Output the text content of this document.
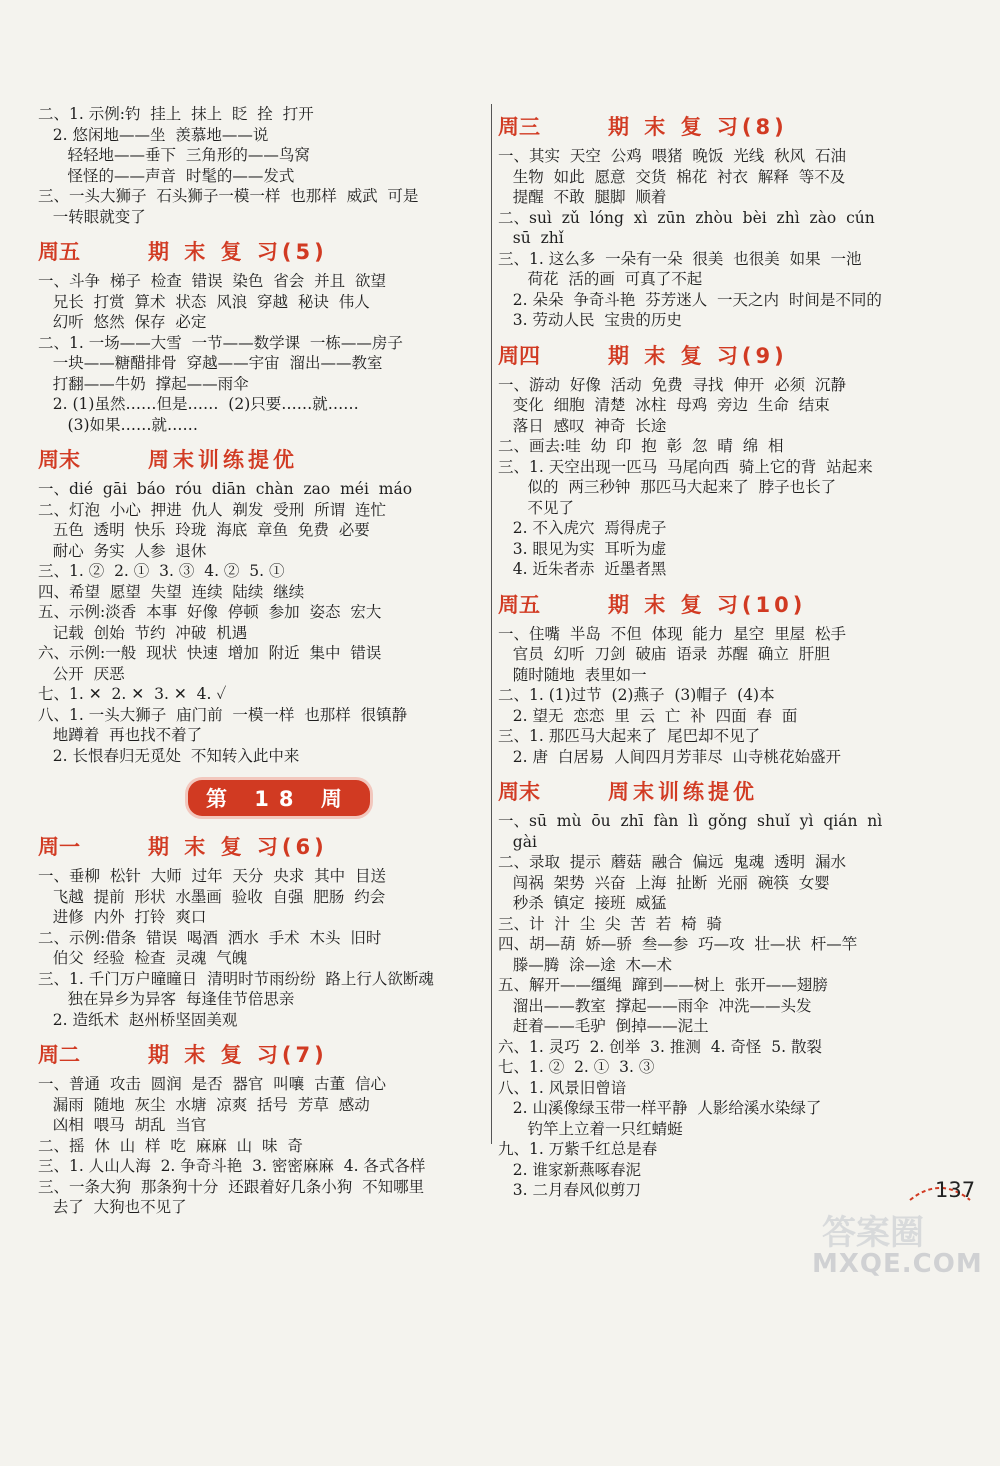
二、1. 示例:钓  挂上  抹上  眨  拴  打开
2. 悠闲地——坐  羡慕地——说
轻轻地——垂下  三角形的——鸟窝
怪怪的——声音  时髦的——发式
三、一头大狮子  石头狮子一模一样  也那样  威武  可是
一转眼就变了
周五	期 末 复 习(5)
一、斗争  梯子  检查  错误  染色  省会  并且  欲望
兄长  打赏  算术  状态  风浪  穿越  秘诀  伟人
幻听  悠然  保存  必定
二、1. 一场——大雪  一节——数学课  一栋——房子
一块——糖醋排骨  穿越——宇宙  溜出——教室
打翻——牛奶  撑起——雨伞
2. (1)虽然……但是……  (2)只要……就……
(3)如果……就……
周末	周末训练提优
一、dié  gāi  báo  róu  diān  chàn  zao  méi  máo
二、灯泡  小心  押进  仇人  剃发  受刑  所谓  连忙
五色  透明  快乐  玲珑  海底  章鱼  免费  必要
耐心  务实  人参  退休
三、1. ②  2. ①  3. ③  4. ②  5. ①
四、希望  愿望  失望  连续  陆续  继续
五、示例:淡香  本事  好像  停顿  参加  姿态  宏大
记载  创始  节约  冲破  机遇
六、示例:一般  现状  快速  增加  附近  集中  错误
公开  厌恶
七、1. ✕  2. ✕  3. ✕  4. ✓
八、1. 一头大狮子  庙门前  一模一样  也那样  很镇静
地蹲着  再也找不着了
2. 长恨春归无觅处  不知转入此中来
第 18 周
周一	期 末 复 习(6)
一、垂柳  松针  大师  过年  天分  央求  其中  目送
飞越  提前  形状  水墨画  验收  自强  肥肠  约会
进修  内外  打铃  爽口
二、示例:借条  错误  喝酒  洒水  手术  木头  旧时
伯父  经验  检查  灵魂  气魄
三、1. 千门万户曈曈日  清明时节雨纷纷  路上行人欲断魂
独在异乡为异客  每逢佳节倍思亲
2. 造纸术  赵州桥坚固美观
周二	期 末 复 习(7)
一、普通  攻击  圆润  是否  器官  叫嚷  古董  信心
漏雨  随地  灰尘  水塘  凉爽  括号  芳草  感动
凶相  喂马  胡乱  当官
二、摇  休  山  样  吃  麻麻  山  味  奇
三、1. 人山人海  2. 争奇斗艳  3. 密密麻麻  4. 各式各样
三、一条大狗  那条狗十分  还跟着好几条小狗  不知哪里
去了  大狗也不见了
周三	期 末 复 习(8)
一、其实  天空  公鸡  喂猪  晚饭  光线  秋风  石油
生物  如此  愿意  交货  棉花  衬衣  解释  等不及
提醒  不敢  腿脚  顺着
二、suì  zǔ  lóng  xì  zūn  zhòu  bèi  zhì  zào  cún
sū  zhǐ
三、1. 这么多  一朵有一朵  很美  也很美  如果  一池
荷花  活的画  可真了不起
2. 朵朵  争奇斗艳  芬芳迷人  一天之内  时间是不同的
3. 劳动人民  宝贵的历史
周四	期 末 复 习(9)
一、游动  好像  活动  免费  寻找  伸开  必须  沉静
变化  细胞  清楚  冰柱  母鸡  旁边  生命  结束
落日  感叹  神奇  长途
二、画去:哇  幼  印  抱  彰  忽  晴  绵  相
三、1. 天空出现一匹马  马尾向西  骑上它的背  站起来
似的  两三秒钟  那匹马大起来了  脖子也长了
不见了
2. 不入虎穴  焉得虎子
3. 眼见为实  耳听为虚
4. 近朱者赤  近墨者黑
周五	期 末 复 习(10)
一、住嘴  半岛  不但  体现  能力  星空  里屋  松手
官员  幻听  刀剑  破庙  语录  苏醒  确立  肝胆
随时随地  表里如一
二、1. (1)过节  (2)燕子  (3)帽子  (4)本
2. 望无  恋恋  里  云  亡  补  四面  春  面
三、1. 那匹马大起来了  尾巴却不见了
2. 唐  白居易  人间四月芳菲尽  山寺桃花始盛开
周末	周末训练提优
一、sū  mù  ōu  zhī  fàn  lì  gǒng  shuǐ  yì  qián  nì
gài
二、录取  提示  蘑菇  融合  偏远  鬼魂  透明  漏水
闯祸  架势  兴奋  上海  扯断  光丽  碗筷  女婴
秒杀  镇定  接班  威猛
三、计  汁  尘  尖  苦  若  椅  骑
四、胡—葫  娇—骄  叁—参  巧—攻  壮—状  杆—竿
滕—腾  涂—途  木—术
五、解开——缰绳  蹿到——树上  张开——翅膀
溜出——教室  撑起——雨伞  冲洗——头发
赶着——毛驴  倒掉——泥土
六、1. 灵巧  2. 创举  3. 推测  4. 奇怪  5. 散裂
七、1. ②  2. ①  3. ③
八、1. 风景旧曾谙
2. 山溪像绿玉带一样平静  人影给溪水染绿了
钓竿上立着一只红蜻蜓
九、1. 万紫千红总是春
2. 谁家新燕啄春泥
3. 二月春风似剪刀	137
答案圈
MXQE.COM
